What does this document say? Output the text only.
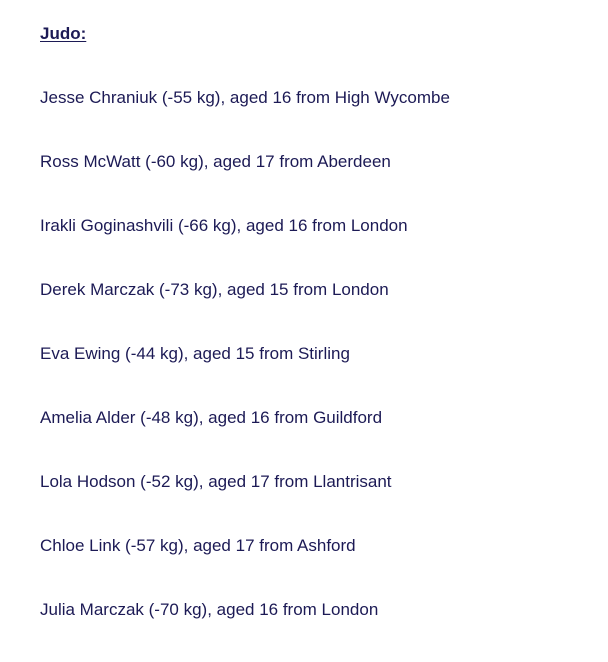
Judo:
Jesse Chraniuk (-55 kg), aged 16 from High Wycombe
Ross McWatt (-60 kg), aged 17 from Aberdeen
Irakli Goginashvili (-66 kg), aged 16 from London
Derek Marczak (-73 kg), aged 15 from London
Eva Ewing (-44 kg), aged 15 from Stirling
Amelia Alder (-48 kg), aged 16 from Guildford
Lola Hodson (-52 kg), aged 17 from Llantrisant
Chloe Link (-57 kg), aged 17 from Ashford
Julia Marczak (-70 kg), aged 16 from London
